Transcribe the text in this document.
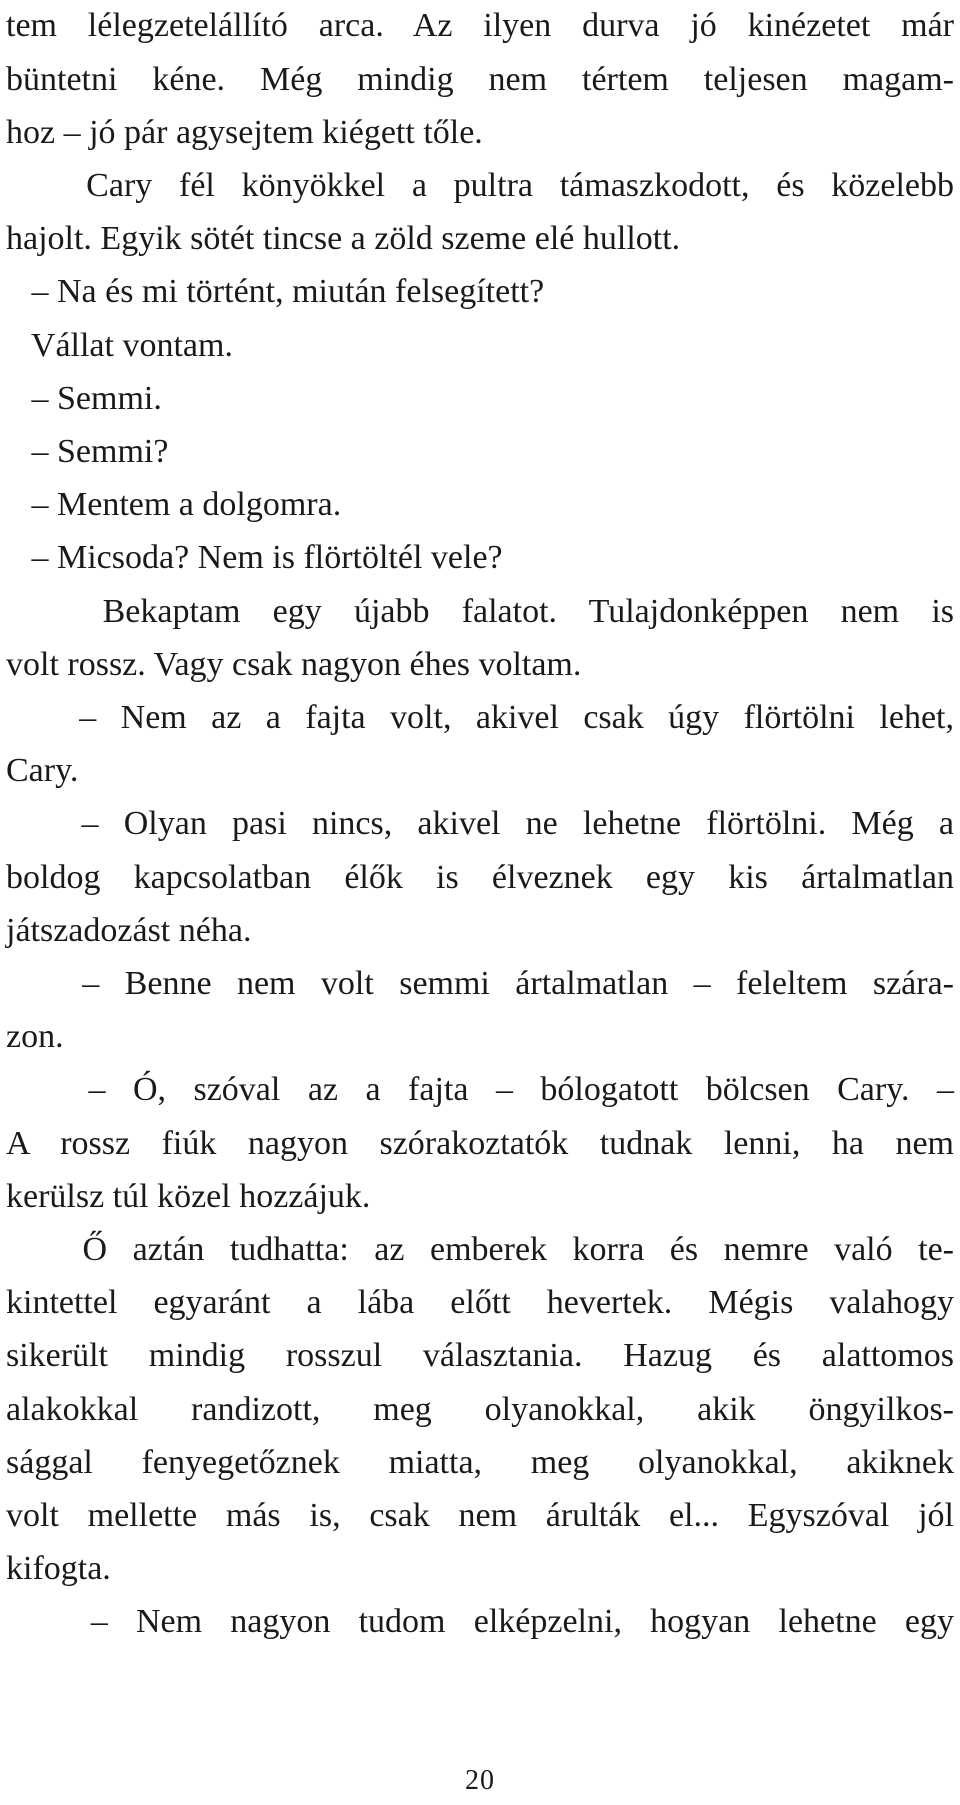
tem lélegzetelállító arca. Az ilyen durva jó kinézetet már

büntetni kéne. Még mindig nem tértem teljesen magam-

hoz – jó pár agysejtem kiégett tőle.

Cary fél könyökkel a pultra támaszkodott, és közelebb

hajolt. Egyik sötét tincse a zöld szeme elé hullott.

– Na és mi történt, miután felsegített?

Vállat vontam.

– Semmi.

– Semmi?

– Mentem a dolgomra.

– Micsoda? Nem is flörtöltél vele?

Bekaptam egy újabb falatot. Tulajdonképpen nem is

volt rossz. Vagy csak nagyon éhes voltam.

– Nem az a fajta volt, akivel csak úgy flörtölni lehet,

Cary.

– Olyan pasi nincs, akivel ne lehetne flörtölni. Még a

boldog kapcsolatban élők is élveznek egy kis ártalmatlan

játszadozást néha.

– Benne nem volt semmi ártalmatlan – feleltem szára-

zon.

– Ó, szóval az a fajta – bólogatott bölcsen Cary. –

A rossz fiúk nagyon szórakoztatók tudnak lenni, ha nem

kerülsz túl közel hozzájuk.

Ő aztán tudhatta: az emberek korra és nemre való te-

kintettel egyaránt a lába előtt hevertek. Mégis valahogy

sikerült mindig rosszul választania. Hazug és alattomos

alakokkal randizott, meg olyanokkal, akik öngyilkos-

sággal fenyegetőznek miatta, meg olyanokkal, akiknek

volt mellette más is, csak nem árulták el... Egyszóval jól

kifogta.

– Nem nagyon tudom elképzelni, hogyan lehetne egy

20
